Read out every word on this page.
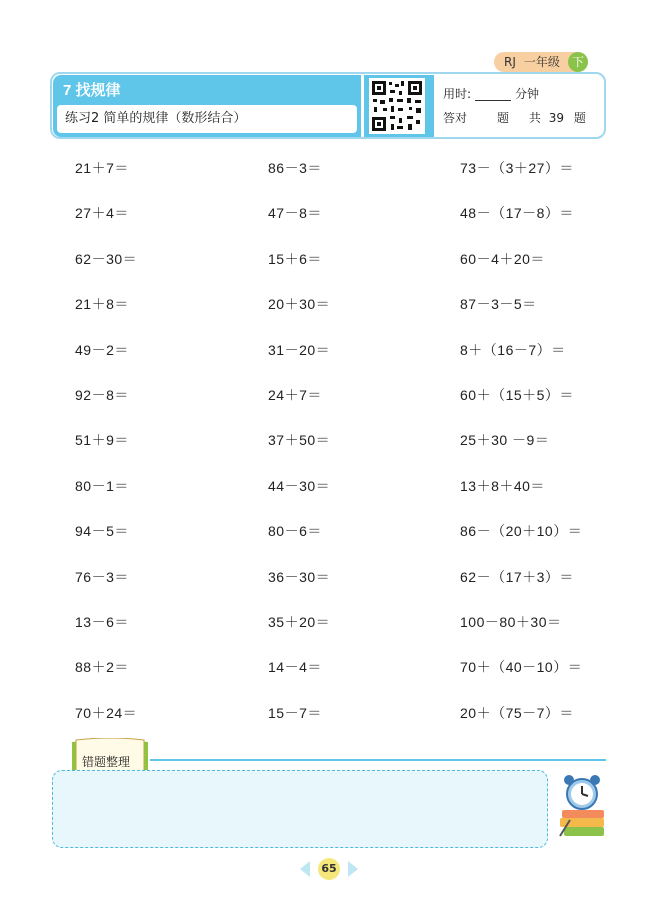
RJ 一年级	下
7 找规律
练习2 简单的规律（数形结合）
用时:	分钟
答对	题 共 39 题
21＋7＝
27＋4＝
62－30＝
21＋8＝
49－2＝
92－8＝
51＋9＝
80－1＝
94－5＝
76－3＝
13－6＝
88＋2＝
70＋24＝
86－3＝
47－8＝
15＋6＝
20＋30＝
31－20＝
24＋7＝
37＋50＝
44－30＝
80－6＝
36－30＝
35＋20＝
14－4＝
15－7＝
73－（3＋27）＝
48－（17－8）＝
60－4＋20＝
87－3－5＝
8＋（16－7）＝
60＋（15＋5）＝
25＋30 －9＝
13＋8＋40＝
86－（20＋10）＝
62－（17＋3）＝
100－80＋30＝
70＋（40－10）＝
20＋（75－7）＝
错题整理
65
